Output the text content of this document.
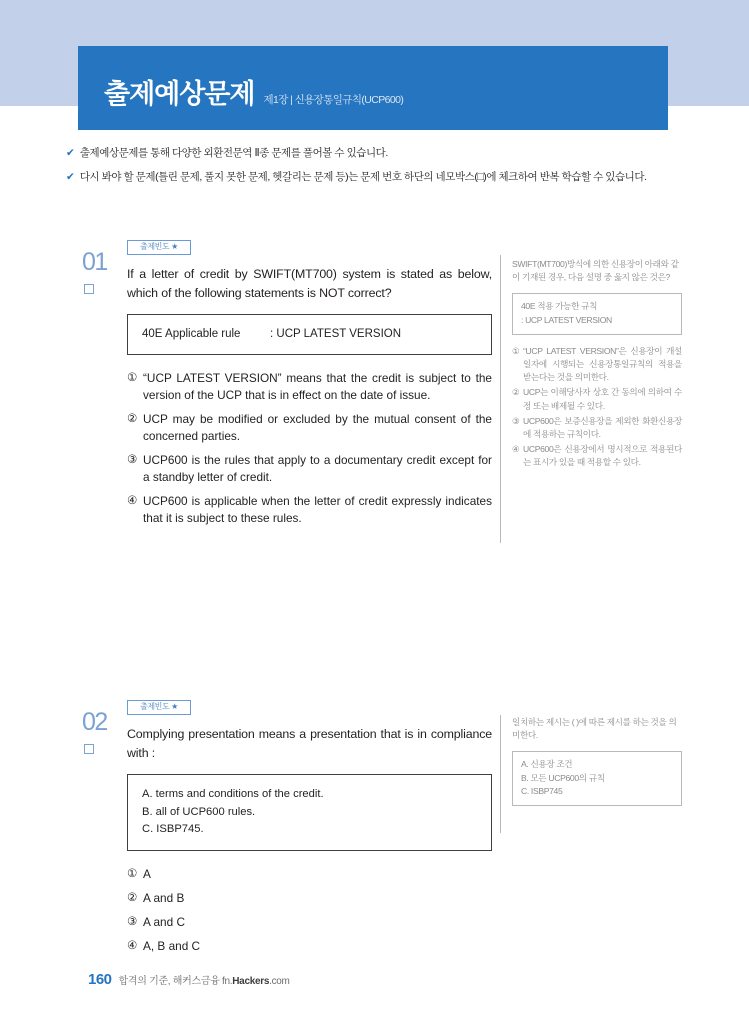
출제예상문제 제1장 | 신용장통일규칙(UCP600)
✔ 출제예상문제를 통해 다양한 외환전문역 Ⅱ종 문제를 풀어볼 수 있습니다.
✔ 다시 봐야 할 문제(틀린 문제, 풀지 못한 문제, 헷갈리는 문제 등)는 문제 번호 하단의 네모박스(□)에 체크하여 반복 학습할 수 있습니다.
01
출제빈도 ★
If a letter of credit by SWIFT(MT700) system is stated as below, which of the following statements is NOT correct?
40E Applicable rule	: UCP LATEST VERSION
① “UCP LATEST VERSION” means that the credit is subject to the version of the UCP that is in effect on the date of issue.
② UCP may be modified or excluded by the mutual consent of the concerned parties.
③ UCP600 is the rules that apply to a documentary credit except for a standby letter of credit.
④ UCP600 is applicable when the letter of credit expressly indicates that it is subject to these rules.
SWIFT(MT700)방식에 의한 신용장이 아래와 같이 기재된 경우, 다음 설명 중 옳지 않은 것은?
40E 적용 가능한 규칙
: UCP LATEST VERSION
① “UCP LATEST VERSION”은 신용장이 개설일자에 시행되는 신용장통일규칙의 적용을 받는다는 것을 의미한다.
② UCP는 이해당사자 상호 간 동의에 의하여 수정 또는 배제될 수 있다.
③ UCP600은 보증신용장을 제외한 화환신용장에 적용하는 규칙이다.
④ UCP600은 신용장에서 명시적으로 적용된다는 표시가 있을 때 적용할 수 있다.
02
출제빈도 ★
Complying presentation means a presentation that is in compliance with :
A. terms and conditions of the credit.
B. all of UCP600 rules.
C. ISBP745.
① A
② A and B
③ A and C
④ A, B and C
일치하는 제시는 ( )에 따른 제시를 하는 것을 의미한다.
A. 신용장 조건
B. 모든 UCP600의 규칙
C. ISBP745
160 합격의 기준, 해커스금융 fn.Hackers.com
